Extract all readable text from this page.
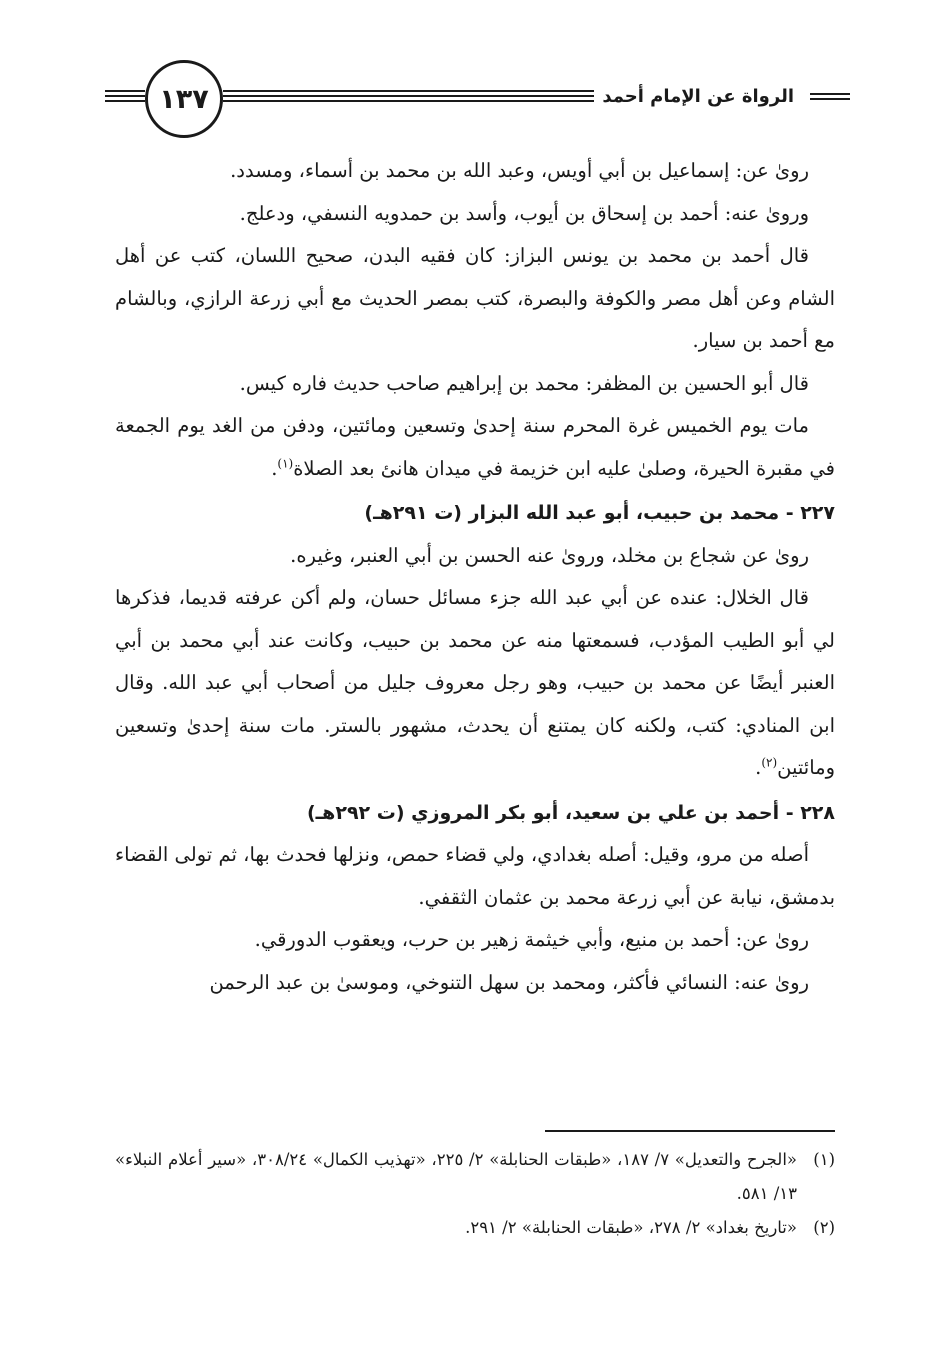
١٣٧	الرواة عن الإمام أحمد

رویٰ عن: إسماعيل بن أبي أويس، وعبد الله بن محمد بن أسماء، ومسدد.

ورویٰ عنه: أحمد بن إسحاق بن أيوب، وأسد بن حمدويه النسفي، ودعلج.

قال أحمد بن محمد بن يونس البزاز: كان فقيه البدن، صحيح اللسان، كتب عن أهل الشام وعن أهل مصر والكوفة والبصرة، كتب بمصر الحديث مع أبي زرعة الرازي، وبالشام مع أحمد بن سيار.

قال أبو الحسين بن المظفر: محمد بن إبراهيم صاحب حديث فاره كيس.

مات يوم الخميس غرة المحرم سنة إحدىٰ وتسعين ومائتين، ودفن من الغد يوم الجمعة في مقبرة الحيرة، وصلىٰ عليه ابن خزيمة في ميدان هانئ بعد الصلاة$^{(١)}$.

٢٢٧ - محمد بن حبيب، أبو عبد الله البزار (ت ٢٩١هـ)

رویٰ عن شجاع بن مخلد، ورویٰ عنه الحسن بن أبي العنبر، وغيره.

قال الخلال: عنده عن أبي عبد الله جزء مسائل حسان، ولم أكن عرفته قديما، فذكرها لي أبو الطيب المؤدب، فسمعتها منه عن محمد بن حبيب، وكانت عند أبي محمد بن أبي العنبر أيضًا عن محمد بن حبيب، وهو رجل معروف جليل من أصحاب أبي عبد الله. وقال ابن المنادي: كتب، ولكنه كان يمتنع أن يحدث، مشهور بالستر. مات سنة إحدىٰ وتسعين ومائتين$^{(٢)}$.

٢٢٨ - أحمد بن علي بن سعيد، أبو بكر المروزي (ت ٢٩٢هـ)

أصله من مرو، وقيل: أصله بغدادي، ولي قضاء حمص، ونزلها فحدث بها، ثم تولى القضاء بدمشق، نيابة عن أبي زرعة محمد بن عثمان الثقفي.

رویٰ عن: أحمد بن منيع، وأبي خيثمة زهير بن حرب، ويعقوب الدورقي.

رویٰ عنه: النسائي فأكثر، ومحمد بن سهل التنوخي، وموسىٰ بن عبد الرحمن

(١)
«الجرح والتعديل» ٧/ ١٨٧، «طبقات الحنابلة» ٢/ ٢٢٥، «تهذيب الكمال» ٣٠٨/٢٤، «سير أعلام النبلاء» ١٣/ ٥٨١.
(٢)
«تاريخ بغداد» ٢/ ٢٧٨، «طبقات الحنابلة» ٢/ ٢٩١.
